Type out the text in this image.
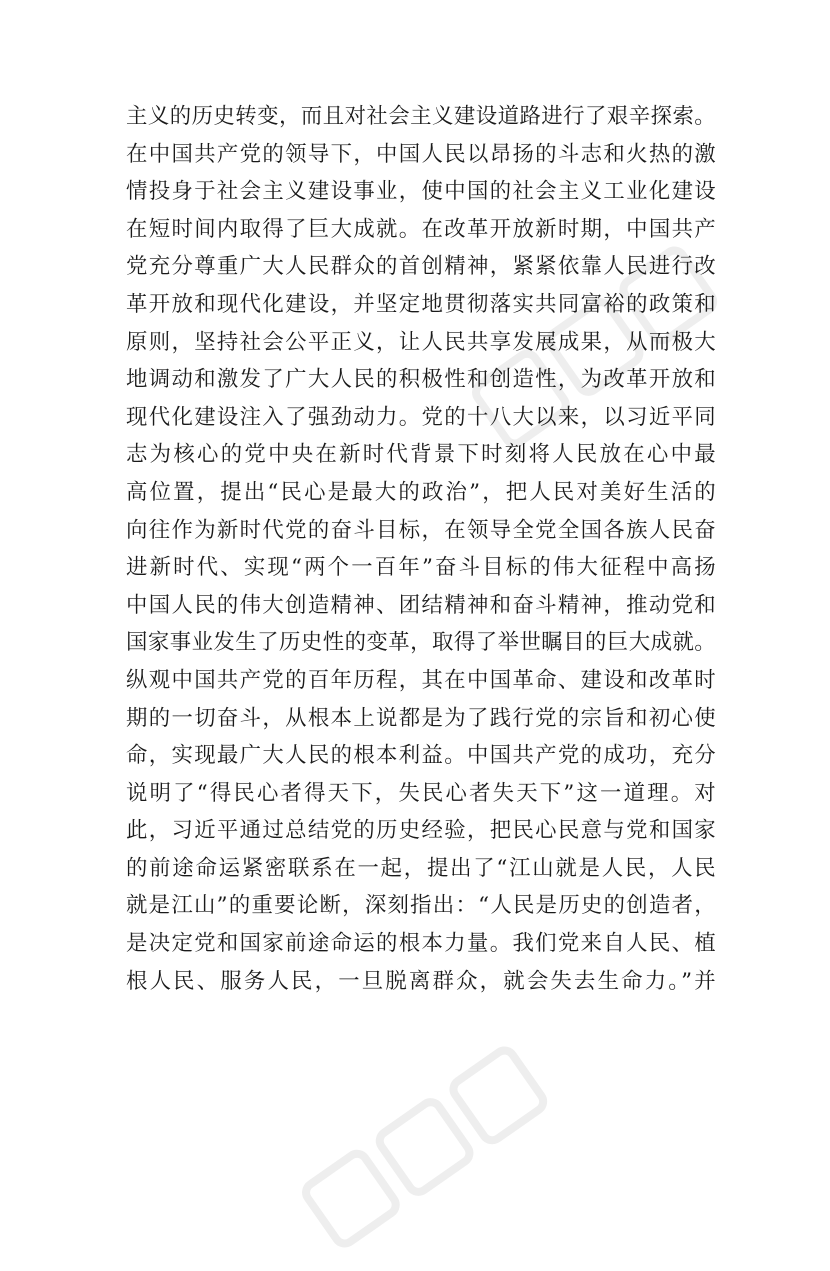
主义的历史转变，而且对社会主义建设道路进行了艰辛探索。
在中国共产党的领导下，中国人民以昂扬的斗志和火热的激
情投身于社会主义建设事业，使中国的社会主义工业化建设
在短时间内取得了巨大成就。在改革开放新时期，中国共产
党充分尊重广大人民群众的首创精神，紧紧依靠人民进行改
革开放和现代化建设，并坚定地贯彻落实共同富裕的政策和
原则，坚持社会公平正义，让人民共享发展成果，从而极大
地调动和激发了广大人民的积极性和创造性，为改革开放和
现代化建设注入了强劲动力。党的十八大以来，以习近平同
志为核心的党中央在新时代背景下时刻将人民放在心中最
高位置，提出“民心是最大的政治”，把人民对美好生活的
向往作为新时代党的奋斗目标，在领导全党全国各族人民奋
进新时代、实现“两个一百年”奋斗目标的伟大征程中高扬
中国人民的伟大创造精神、团结精神和奋斗精神，推动党和
国家事业发生了历史性的变革，取得了举世瞩目的巨大成就。
纵观中国共产党的百年历程，其在中国革命、建设和改革时
期的一切奋斗，从根本上说都是为了践行党的宗旨和初心使
命，实现最广大人民的根本利益。中国共产党的成功，充分
说明了“得民心者得天下，失民心者失天下”这一道理。对
此，习近平通过总结党的历史经验，把民心民意与党和国家
的前途命运紧密联系在一起，提出了“江山就是人民，人民
就是江山”的重要论断，深刻指出：“人民是历史的创造者，
是决定党和国家前途命运的根本力量。我们党来自人民、植
根人民、服务人民，一旦脱离群众，就会失去生命力。”并
